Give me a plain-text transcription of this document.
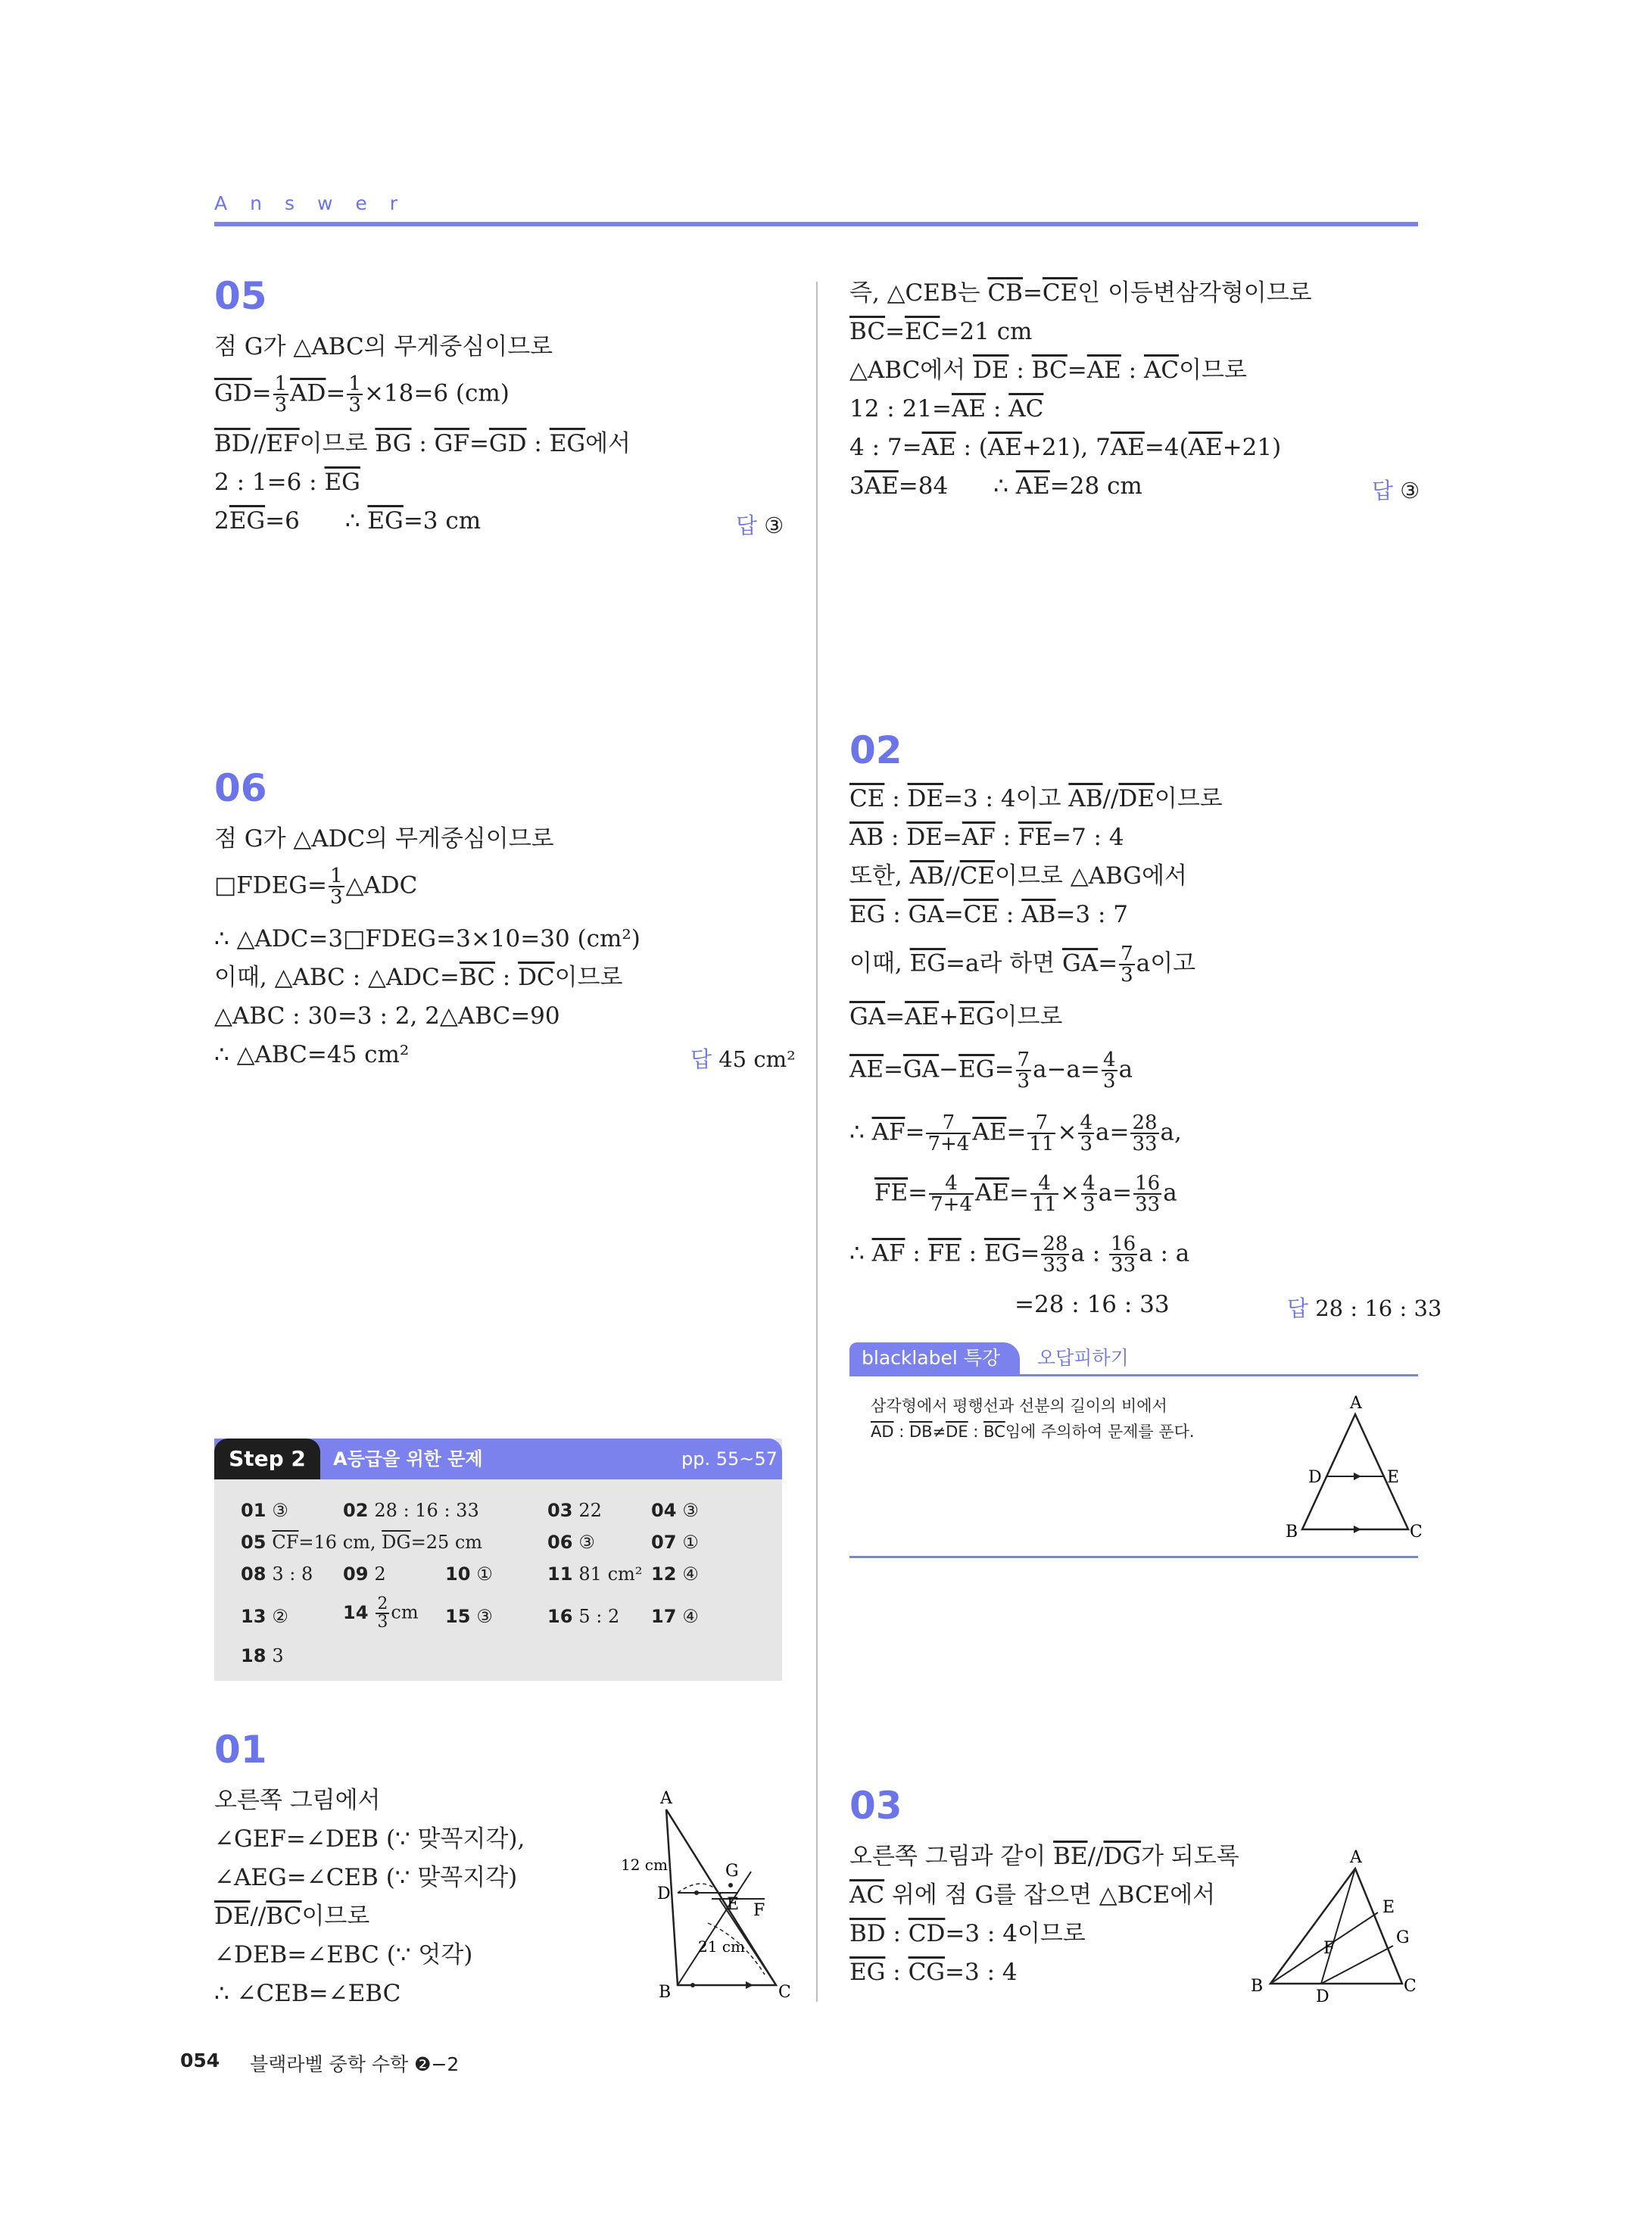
Answer
05
점 G가 △ABC의 무게중심이므로
$\overline{GD}= \frac{1}{3} \overline{AD}= \frac{1}{3} \times 18=6$ (cm)
$\overline{BD}//\overline{EF}$이므로 $\overline{BG}$ : $\overline{GF}=\overline{GD}$ : $\overline{EG}$에서
2 : 1=6 : $\overline{EG}$
$2\overline{EG}=6$ ∴ $\overline{EG}=3$ cm	답 ③
06
점 G가 △ADC의 무게중심이므로
□FDEG= $\frac{1}{3}$ △ADC
∴ △ADC=3□FDEG=3×10=30 (cm²)
이때, △ABC : $\triangle ADC=\overline{BC}$ : $\overline{DC}$이므로
△ABC : 30=3 : 2, 2△ABC=90
∴ △ABC=45 cm²	답 45 cm²
Step 2	A등급을 위한 문제	pp. 55~57
01 ③	02 28 : 16 : 33	03 22	04 ③
05 $\overline{CF}=16$ cm, $\overline{DG}=25$ cm	06 ③	07 ①
08 3 : 8 09 2	10 ①	11 81 cm² 12 ④
13 ②	$14 \frac{2}{3}$ cm 15 ③	16 5 : 2 17 ④
18 3
01
오른쪽 그림에서
∠GEF=∠DEB (∵ 맞꼭지각),
∠AEG=∠CEB (∵ 맞꼭지각)
$\overline{DE}//\overline{BC}$이므로
∠DEB=∠EBC (∵ 엇각)
∴ ∠CEB=∠EBC
A
B	C
D
E F
G
12 cm
21 cm
즉, △CEB는 $\overline{CB}=\overline{CE}$인 이등변삼각형이므로
$\overline{BC}=\overline{EC}=21$ cm
△ABC에서 $\overline{DE}$ : $\overline{BC}=\overline{AE}$ : $\overline{AC}$이므로
12 : $21=\overline{AE}$ : $\overline{AC}$
4 : $7=\overline{AE}$ : $(\overline{AE}+21)$, $7\overline{AE}=4(\overline{AE}+21)$
$3\overline{AE}=84$ ∴ $\overline{AE}=28$ cm	답 ③
02
$\overline{CE}$ : $\overline{DE}=3$ : 4이고 $\overline{AB}//\overline{DE}$이므로
$\overline{AB}$ : $\overline{DE}=\overline{AF}$ : $\overline{FE}=7$ : 4
또한, $\overline{AB}//\overline{CE}$이므로 △ABG에서
$\overline{EG}$ : $\overline{GA}=\overline{CE}$ : $\overline{AB}=3$ : 7
이때, $\overline{EG}=a$라 하면 $\overline{GA}= \frac{7}{3}$ a이고
$\overline{GA}=\overline{AE}+\overline{EG}$이므로
$\overline{AE}=\overline{GA}-\overline{EG}= \frac{7}{3} a-a= \frac{4}{3}$ a
∴ $\overline{AF}= \frac{7}{7+4} \overline{AE}= \frac{7}{11} \times \frac{4}{3} a= \frac{28}{33} a$,
$\overline{FE}= \frac{4}{7+4} \overline{AE}= \frac{4}{11} \times \frac{4}{3} a= \frac{16}{33}$ a
∴ $\overline{AF}$ : $\overline{FE}$ : $\overline{EG}= \frac{28}{33}$ a : $\frac{16}{33}$ a : a
=28 : 16 : 33	답 28 : 16 : 33
blacklabel 특강	오답피하기
삼각형에서 평행선과 선분의 길이의 비에서
$\overline{AD}$ : $\overline{DB}\ne\overline{DE}$ : $\overline{BC}$임에 주의하여 문제를 푼다.
A
B	C
D	E
03
오른쪽 그림과 같이 $\overline{BE}//\overline{DG}$가 되도록
$\overline{AC}$ 위에 점 G를 잡으면 △BCE에서
$\overline{BD}$ : $\overline{CD}=3$ : 4이므로
$\overline{EG}$ : $\overline{CG}=3$ : 4
A
B	C
D
E
F
G
054 블랙라벨 중학 수학 ❷−2
